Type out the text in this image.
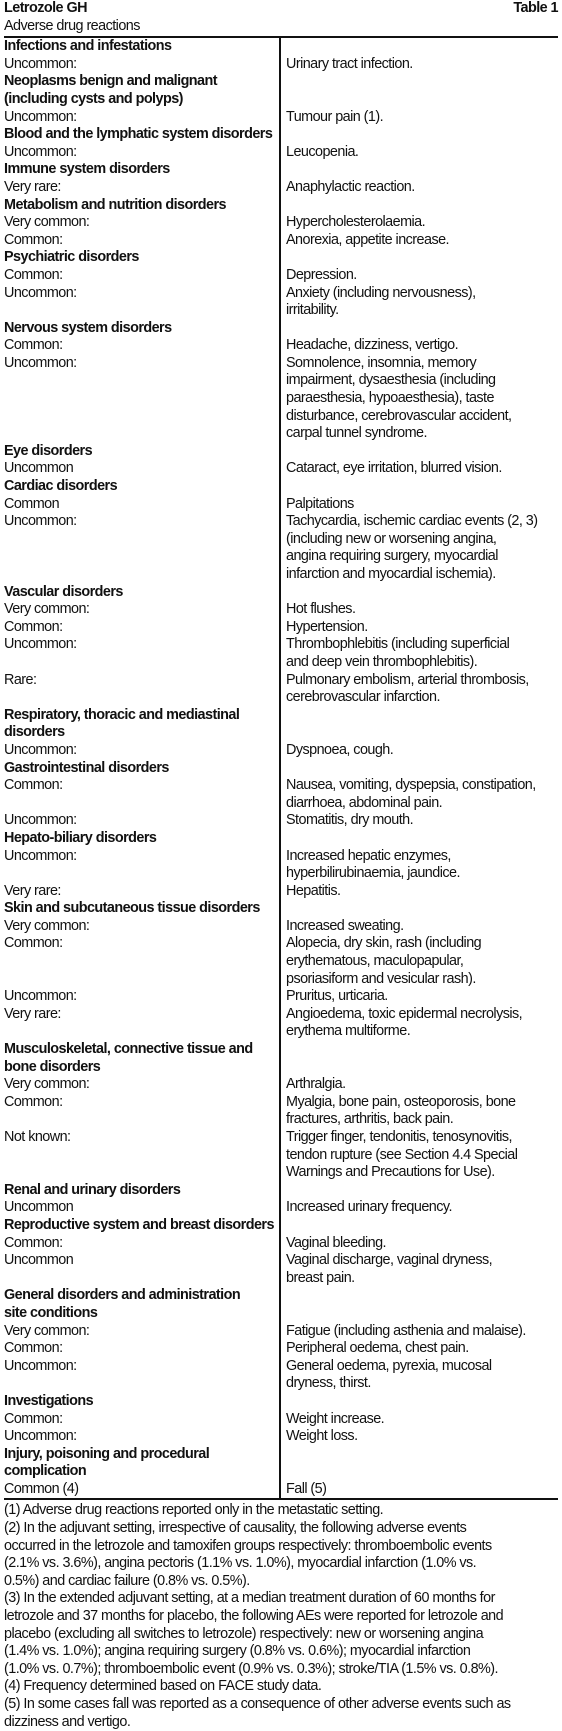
Letrozole GH	Table 1
Adverse drug reactions
Infections and infestations

Uncommon:	Urinary tract infection.
Neoplasms benign and malignant

(including cysts and polyps)

Uncommon:	Tumour pain (1).
Blood and the lymphatic system disorders

Uncommon:	Leucopenia.
Immune system disorders

Very rare:	Anaphylactic reaction.
Metabolism and nutrition disorders

Very common:	Hypercholesterolaemia.
Common:	Anorexia, appetite increase.
Psychiatric disorders

Common:	Depression.
Uncommon:	Anxiety (including nervousness),

irritability.
Nervous system disorders

Common:	Headache, dizziness, vertigo.
Uncommon:	Somnolence, insomnia, memory

impairment, dysaesthesia (including

paraesthesia, hypoaesthesia), taste

disturbance, cerebrovascular accident,

carpal tunnel syndrome.
Eye disorders

Uncommon	Cataract, eye irritation, blurred vision.
Cardiac disorders

Common	Palpitations
Uncommon:	Tachycardia, ischemic cardiac events (2, 3)

(including new or worsening angina,

angina requiring surgery, myocardial

infarction and myocardial ischemia).
Vascular disorders

Very common:	Hot flushes.
Common:	Hypertension.
Uncommon:	Thrombophlebitis (including superficial

and deep vein thrombophlebitis).
Rare:	Pulmonary embolism, arterial thrombosis,

cerebrovascular infarction.
Respiratory, thoracic and mediastinal

disorders

Uncommon:	Dyspnoea, cough.
Gastrointestinal disorders

Common:	Nausea, vomiting, dyspepsia, constipation,

diarrhoea, abdominal pain.
Uncommon:	Stomatitis, dry mouth.
Hepato-biliary disorders

Uncommon:	Increased hepatic enzymes,

hyperbilirubinaemia, jaundice.
Very rare:	Hepatitis.
Skin and subcutaneous tissue disorders

Very common:	Increased sweating.
Common:	Alopecia, dry skin, rash (including

erythematous, maculopapular,

psoriasiform and vesicular rash).
Uncommon:	Pruritus, urticaria.
Very rare:	Angioedema, toxic epidermal necrolysis,

erythema multiforme.
Musculoskeletal, connective tissue and

bone disorders

Very common:	Arthralgia.
Common:	Myalgia, bone pain, osteoporosis, bone

fractures, arthritis, back pain.
Not known:	Trigger finger, tendonitis, tenosynovitis,

tendon rupture (see Section 4.4 Special

Warnings and Precautions for Use).
Renal and urinary disorders

Uncommon	Increased urinary frequency.
Reproductive system and breast disorders

Common:	Vaginal bleeding.
Uncommon	Vaginal discharge, vaginal dryness,

breast pain.
General disorders and administration

site conditions

Very common:	Fatigue (including asthenia and malaise).
Common:	Peripheral oedema, chest pain.
Uncommon:	General oedema, pyrexia, mucosal

dryness, thirst.
Investigations

Common:	Weight increase.
Uncommon:	Weight loss.
Injury, poisoning and procedural

complication

Common (4)	Fall (5)
(1) Adverse drug reactions reported only in the metastatic setting.
(2) In the adjuvant setting, irrespective of causality, the following adverse events
occurred in the letrozole and tamoxifen groups respectively: thromboembolic events
(2.1% vs. 3.6%), angina pectoris (1.1% vs. 1.0%), myocardial infarction (1.0% vs.
0.5%) and cardiac failure (0.8% vs. 0.5%).
(3) In the extended adjuvant setting, at a median treatment duration of 60 months for
letrozole and 37 months for placebo, the following AEs were reported for letrozole and
placebo (excluding all switches to letrozole) respectively: new or worsening angina
(1.4% vs. 1.0%); angina requiring surgery (0.8% vs. 0.6%); myocardial infarction
(1.0% vs. 0.7%); thromboembolic event (0.9% vs. 0.3%); stroke/TIA (1.5% vs. 0.8%).
(4) Frequency determined based on FACE study data.
(5) In some cases fall was reported as a consequence of other adverse events such as
dizziness and vertigo.
